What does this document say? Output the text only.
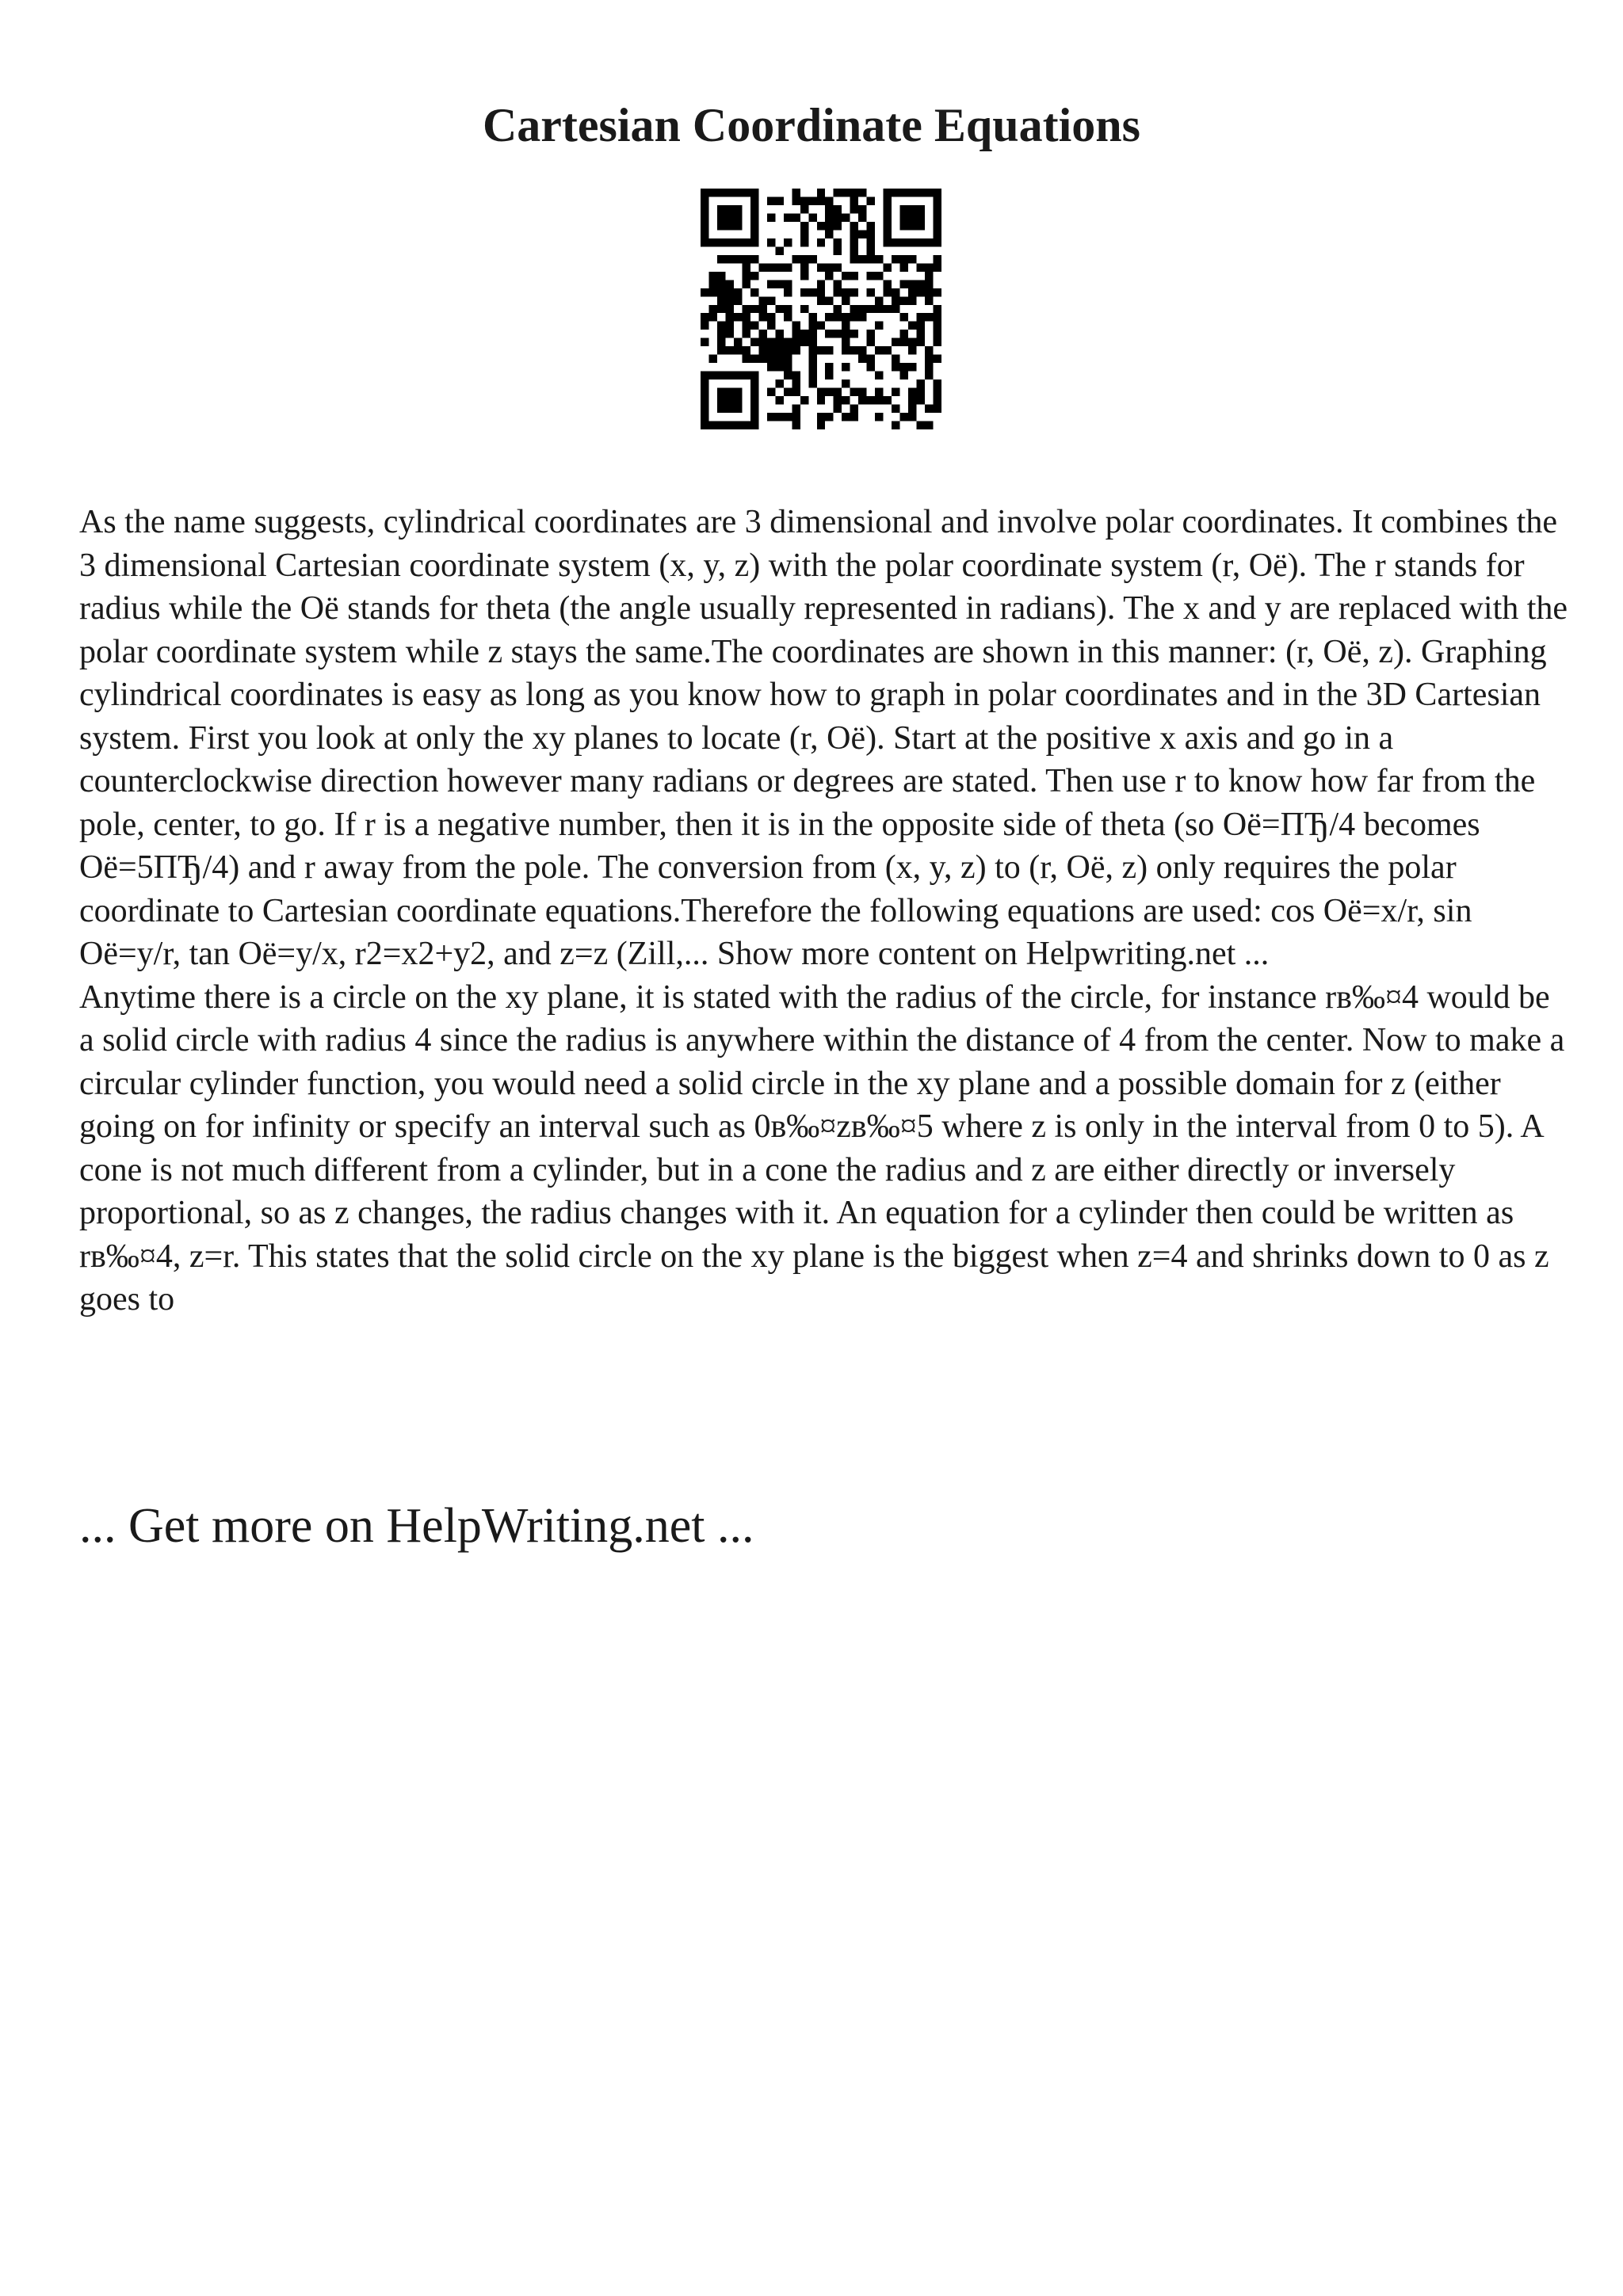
Cartesian Coordinate Equations

As the name suggests, cylindrical coordinates are 3 dimensional and involve polar coordinates. It combines the 3 dimensional Cartesian coordinate system (x, y, z) with the polar coordinate system (r, Оё). The r stands for radius while the Оё stands for theta (the angle usually represented in radians). The x and y are replaced with the polar coordinate system while z stays the same.The coordinates are shown in this manner: (r, Оё, z). Graphing cylindrical coordinates is easy as long as you know how to graph in polar coordinates and in the 3D Cartesian system. First you look at only the xy planes to locate (r, Оё). Start at the positive x axis and go in a counterclockwise direction however many radians or degrees are stated. Then use r to know how far from the pole, center, to go. If r is a negative number, then it is in the opposite side of theta (so Оё=ПЂ/4 becomes Оё=5ПЂ/4) and r away from the pole. The conversion from (x, y, z) to (r, Оё, z) only requires the polar coordinate to Cartesian coordinate equations.Therefore the following equations are used: cos Оё=x/r, sin Оё=y/r, tan Оё=y/x, r2=x2+y2, and z=z (Zill,... Show more content on Helpwriting.net ...

Anytime there is a circle on the xy plane, it is stated with the radius of the circle, for instance rв‰¤4 would be a solid circle with radius 4 since the radius is anywhere within the distance of 4 from the center. Now to make a circular cylinder function, you would need a solid circle in the xy plane and a possible domain for z (either going on for infinity or specify an interval such as 0в‰¤zв‰¤5 where z is only in the interval from 0 to 5). A cone is not much different from a cylinder, but in a cone the radius and z are either directly or inversely proportional, so as z changes, the radius changes with it. An equation for a cylinder then could be written as rв‰¤4, z=r. This states that the solid circle on the xy plane is the biggest when z=4 and shrinks down to 0 as z goes to

... Get more on HelpWriting.net ...
